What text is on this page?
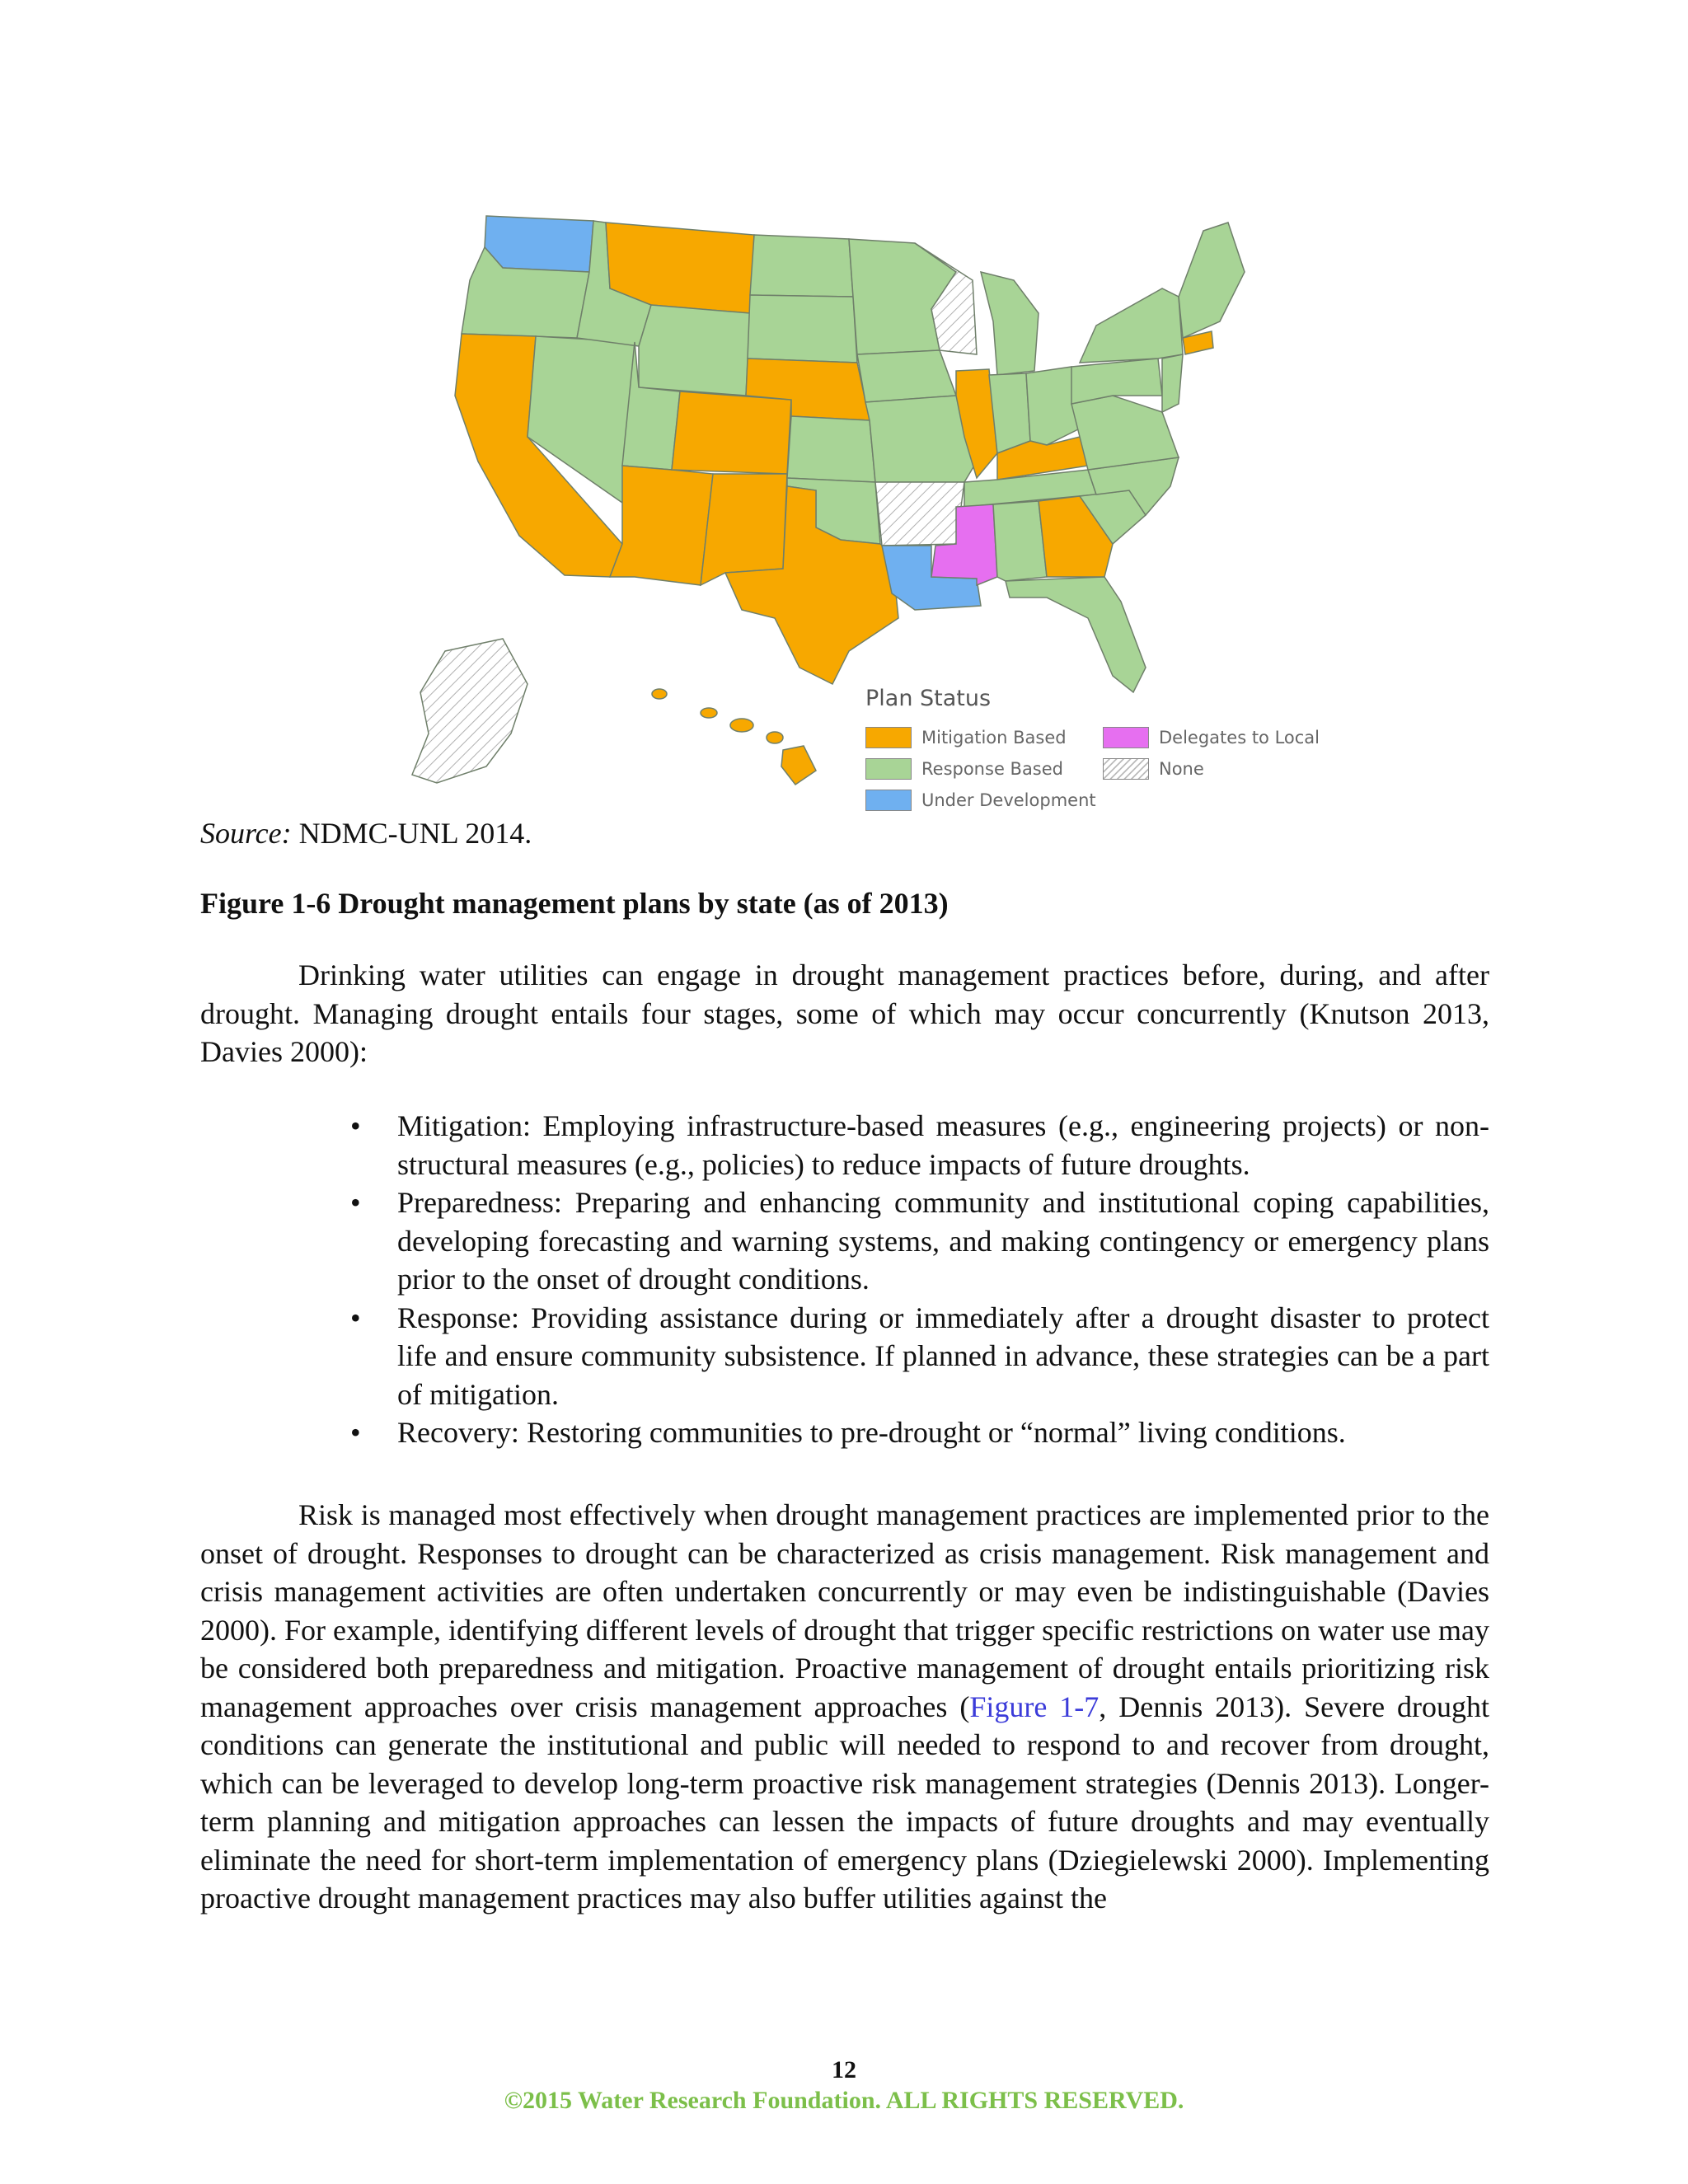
Plan Status
Mitigation Based	Delegates to Local
Response Based	None
Under Development
Source: NDMC-UNL 2014.
Figure 1-6 Drought management plans by state (as of 2013)

Drinking water utilities can engage in drought management practices before, during, and after drought. Managing drought entails four stages, some of which may occur concurrently (Knutson 2013, Davies 2000):

• Mitigation: Employing infrastructure-based measures (e.g., engineering projects) or non-structural measures (e.g., policies) to reduce impacts of future droughts.
• Preparedness: Preparing and enhancing community and institutional coping capabilities, developing forecasting and warning systems, and making contingency or emergency plans prior to the onset of drought conditions.
• Response: Providing assistance during or immediately after a drought disaster to protect life and ensure community subsistence. If planned in advance, these strategies can be a part of mitigation.
• Recovery: Restoring communities to pre-drought or “normal” living conditions.

Risk is managed most effectively when drought management practices are implemented prior to the onset of drought. Responses to drought can be characterized as crisis management. Risk management and crisis management activities are often undertaken concurrently or may even be indistinguishable (Davies 2000). For example, identifying different levels of drought that trigger specific restrictions on water use may be considered both preparedness and mitigation. Proactive management of drought entails prioritizing risk management approaches over crisis management approaches (Figure 1-7, Dennis 2013). Severe drought conditions can generate the institutional and public will needed to respond to and recover from drought, which can be leveraged to develop long-term proactive risk management strategies (Dennis 2013). Longer-term planning and mitigation approaches can lessen the impacts of future droughts and may eventually eliminate the need for short-term implementation of emergency plans (Dziegielewski 2000). Implementing proactive drought management practices may also buffer utilities against the

12
©2015 Water Research Foundation. ALL RIGHTS RESERVED.
